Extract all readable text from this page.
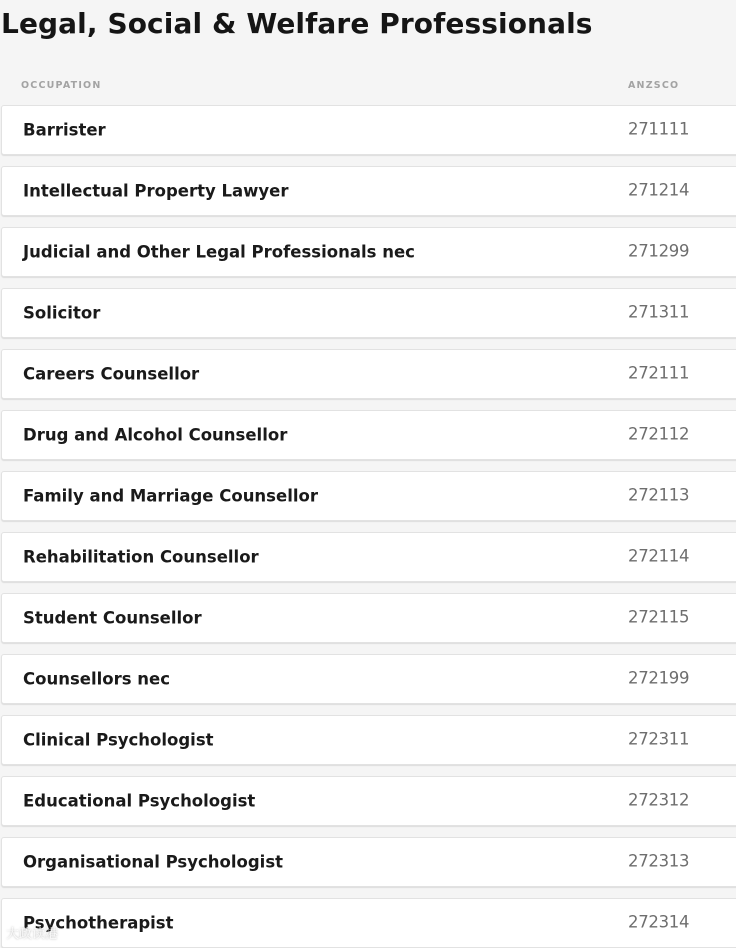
Legal, Social & Welfare Professionals
OCCUPATION	ANZSCO
Barrister	271111
Intellectual Property Lawyer	271214
Judicial and Other Legal Professionals nec	271299
Solicitor	271311
Careers Counsellor	272111
Drug and Alcohol Counsellor	272112
Family and Marriage Counsellor	272113
Rehabilitation Counsellor	272114
Student Counsellor	272115
Counsellors nec	272199
Clinical Psychologist	272311
Educational Psychologist	272312
Organisational Psychologist	272313
Psychotherapist	272314
大政读港
